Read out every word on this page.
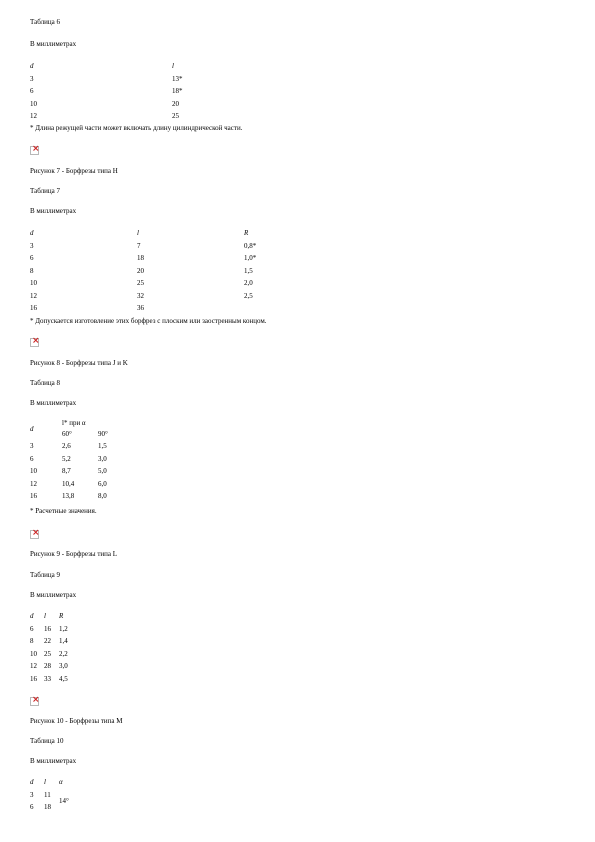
Таблица 6
В миллиметрах
d	l
3	13*
6	18*
10	20
12	25
* Длина режущей части может включать длину цилиндрической части.
×
Рисунок 7 - Борфрезы типа H
Таблица 7
В миллиметрах
d	l	R
3	7	0,8*
6	18	1,0*
8	20	1,5
10	25	2,0
12	32	2,5
16	36	
* Допускается изготовление этих борфрез с плоским или заостренным концом.
×
Рисунок 8 - Борфрезы типа J и K
Таблица 8
В миллиметрах
d	l* при α	
	60°	90°
3	2,6	1,5
6	5,2	3,0
10	8,7	5,0
12	10,4	6,0
16	13,8	8,0
* Расчетные значения.
×
Рисунок 9 - Борфрезы типа L
Таблица 9
В миллиметрах
d	l	R
6	16	1,2
8	22	1,4
10	25	2,2
12	28	3,0
16	33	4,5
×
Рисунок 10 - Борфрезы типа M
Таблица 10
В миллиметрах
d	l	α
3	11	14°
6	18	
